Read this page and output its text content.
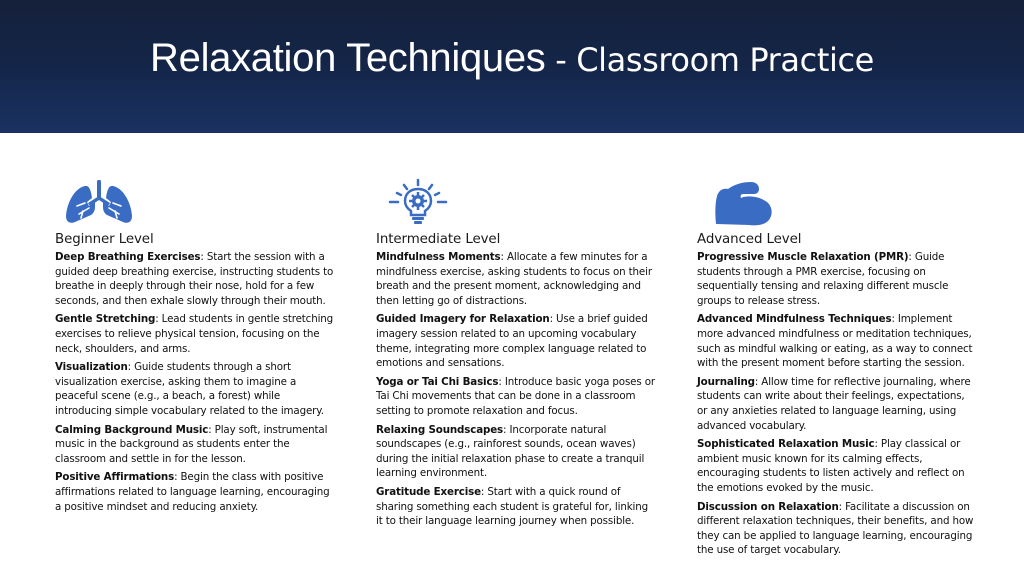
Relaxation Techniques - Classroom Practice
Beginner Level
Deep Breathing Exercises: Start the session with a guided deep breathing exercise, instructing students to breathe in deeply through their nose, hold for a few seconds, and then exhale slowly through their mouth.
Gentle Stretching: Lead students in gentle stretching exercises to relieve physical tension, focusing on the neck, shoulders, and arms.
Visualization: Guide students through a short visualization exercise, asking them to imagine a peaceful scene (e.g., a beach, a forest) while introducing simple vocabulary related to the imagery.
Calming Background Music: Play soft, instrumental music in the background as students enter the classroom and settle in for the lesson.
Positive Affirmations: Begin the class with positive affirmations related to language learning, encouraging a positive mindset and reducing anxiety.
Intermediate Level
Mindfulness Moments: Allocate a few minutes for a mindfulness exercise, asking students to focus on their breath and the present moment, acknowledging and then letting go of distractions.
Guided Imagery for Relaxation: Use a brief guided imagery session related to an upcoming vocabulary theme, integrating more complex language related to emotions and sensations.
Yoga or Tai Chi Basics: Introduce basic yoga poses or Tai Chi movements that can be done in a classroom setting to promote relaxation and focus.
Relaxing Soundscapes: Incorporate natural soundscapes (e.g., rainforest sounds, ocean waves) during the initial relaxation phase to create a tranquil learning environment.
Gratitude Exercise: Start with a quick round of sharing something each student is grateful for, linking it to their language learning journey when possible.
Advanced Level
Progressive Muscle Relaxation (PMR): Guide students through a PMR exercise, focusing on sequentially tensing and relaxing different muscle groups to release stress.
Advanced Mindfulness Techniques: Implement more advanced mindfulness or meditation techniques, such as mindful walking or eating, as a way to connect with the present moment before starting the session.
Journaling: Allow time for reflective journaling, where students can write about their feelings, expectations, or any anxieties related to language learning, using advanced vocabulary.
Sophisticated Relaxation Music: Play classical or ambient music known for its calming effects, encouraging students to listen actively and reflect on the emotions evoked by the music.
Discussion on Relaxation: Facilitate a discussion on different relaxation techniques, their benefits, and how they can be applied to language learning, encouraging the use of target vocabulary.
